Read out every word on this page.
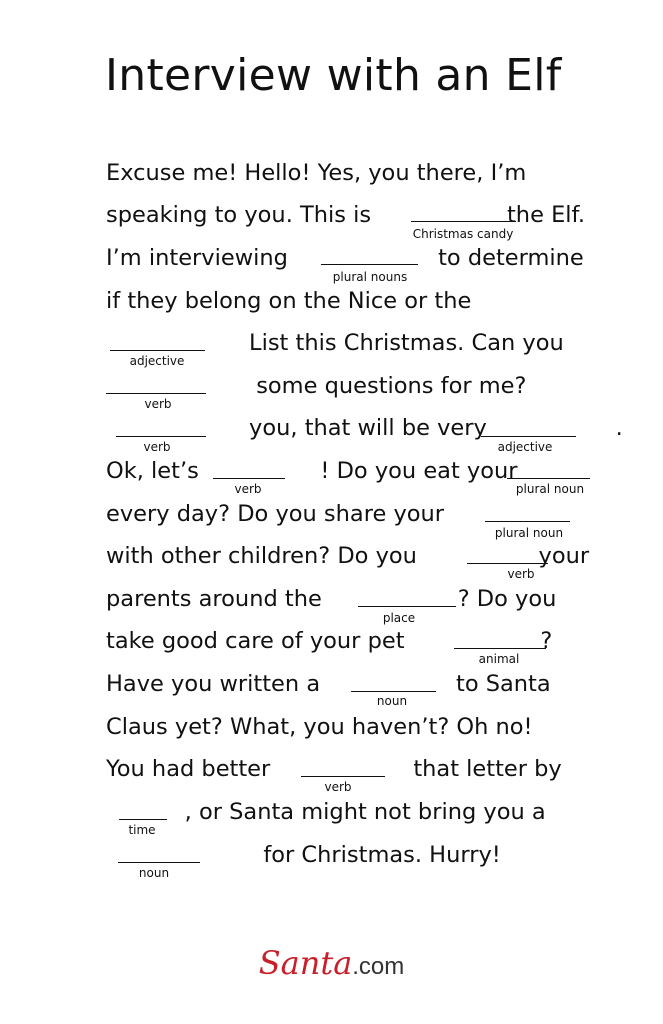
Interview with an Elf
Excuse me! Hello! Yes, you there, I’m
speaking to you. This is                   the Elf.
I’m interviewing                     to determine
if they belong on the Nice or the
List this Christmas. Can you
some questions for me?
you, that will be very                  .
Ok, let’s                 ! Do you eat your
every day? Do you share your
with other children? Do you                 your
parents around the                   ? Do you
take good care of your pet                   ?
Have you written a                   to Santa
Claus yet? What, you haven’t? Oh no!
You had better                    that letter by
, or Santa might not bring you a
for Christmas. Hurry!
Christmas candy
plural nouns
adjective
verb
verb	adjective
verb	plural noun
plural noun
verb
place
animal
noun
verb
time
noun
Santa.com
